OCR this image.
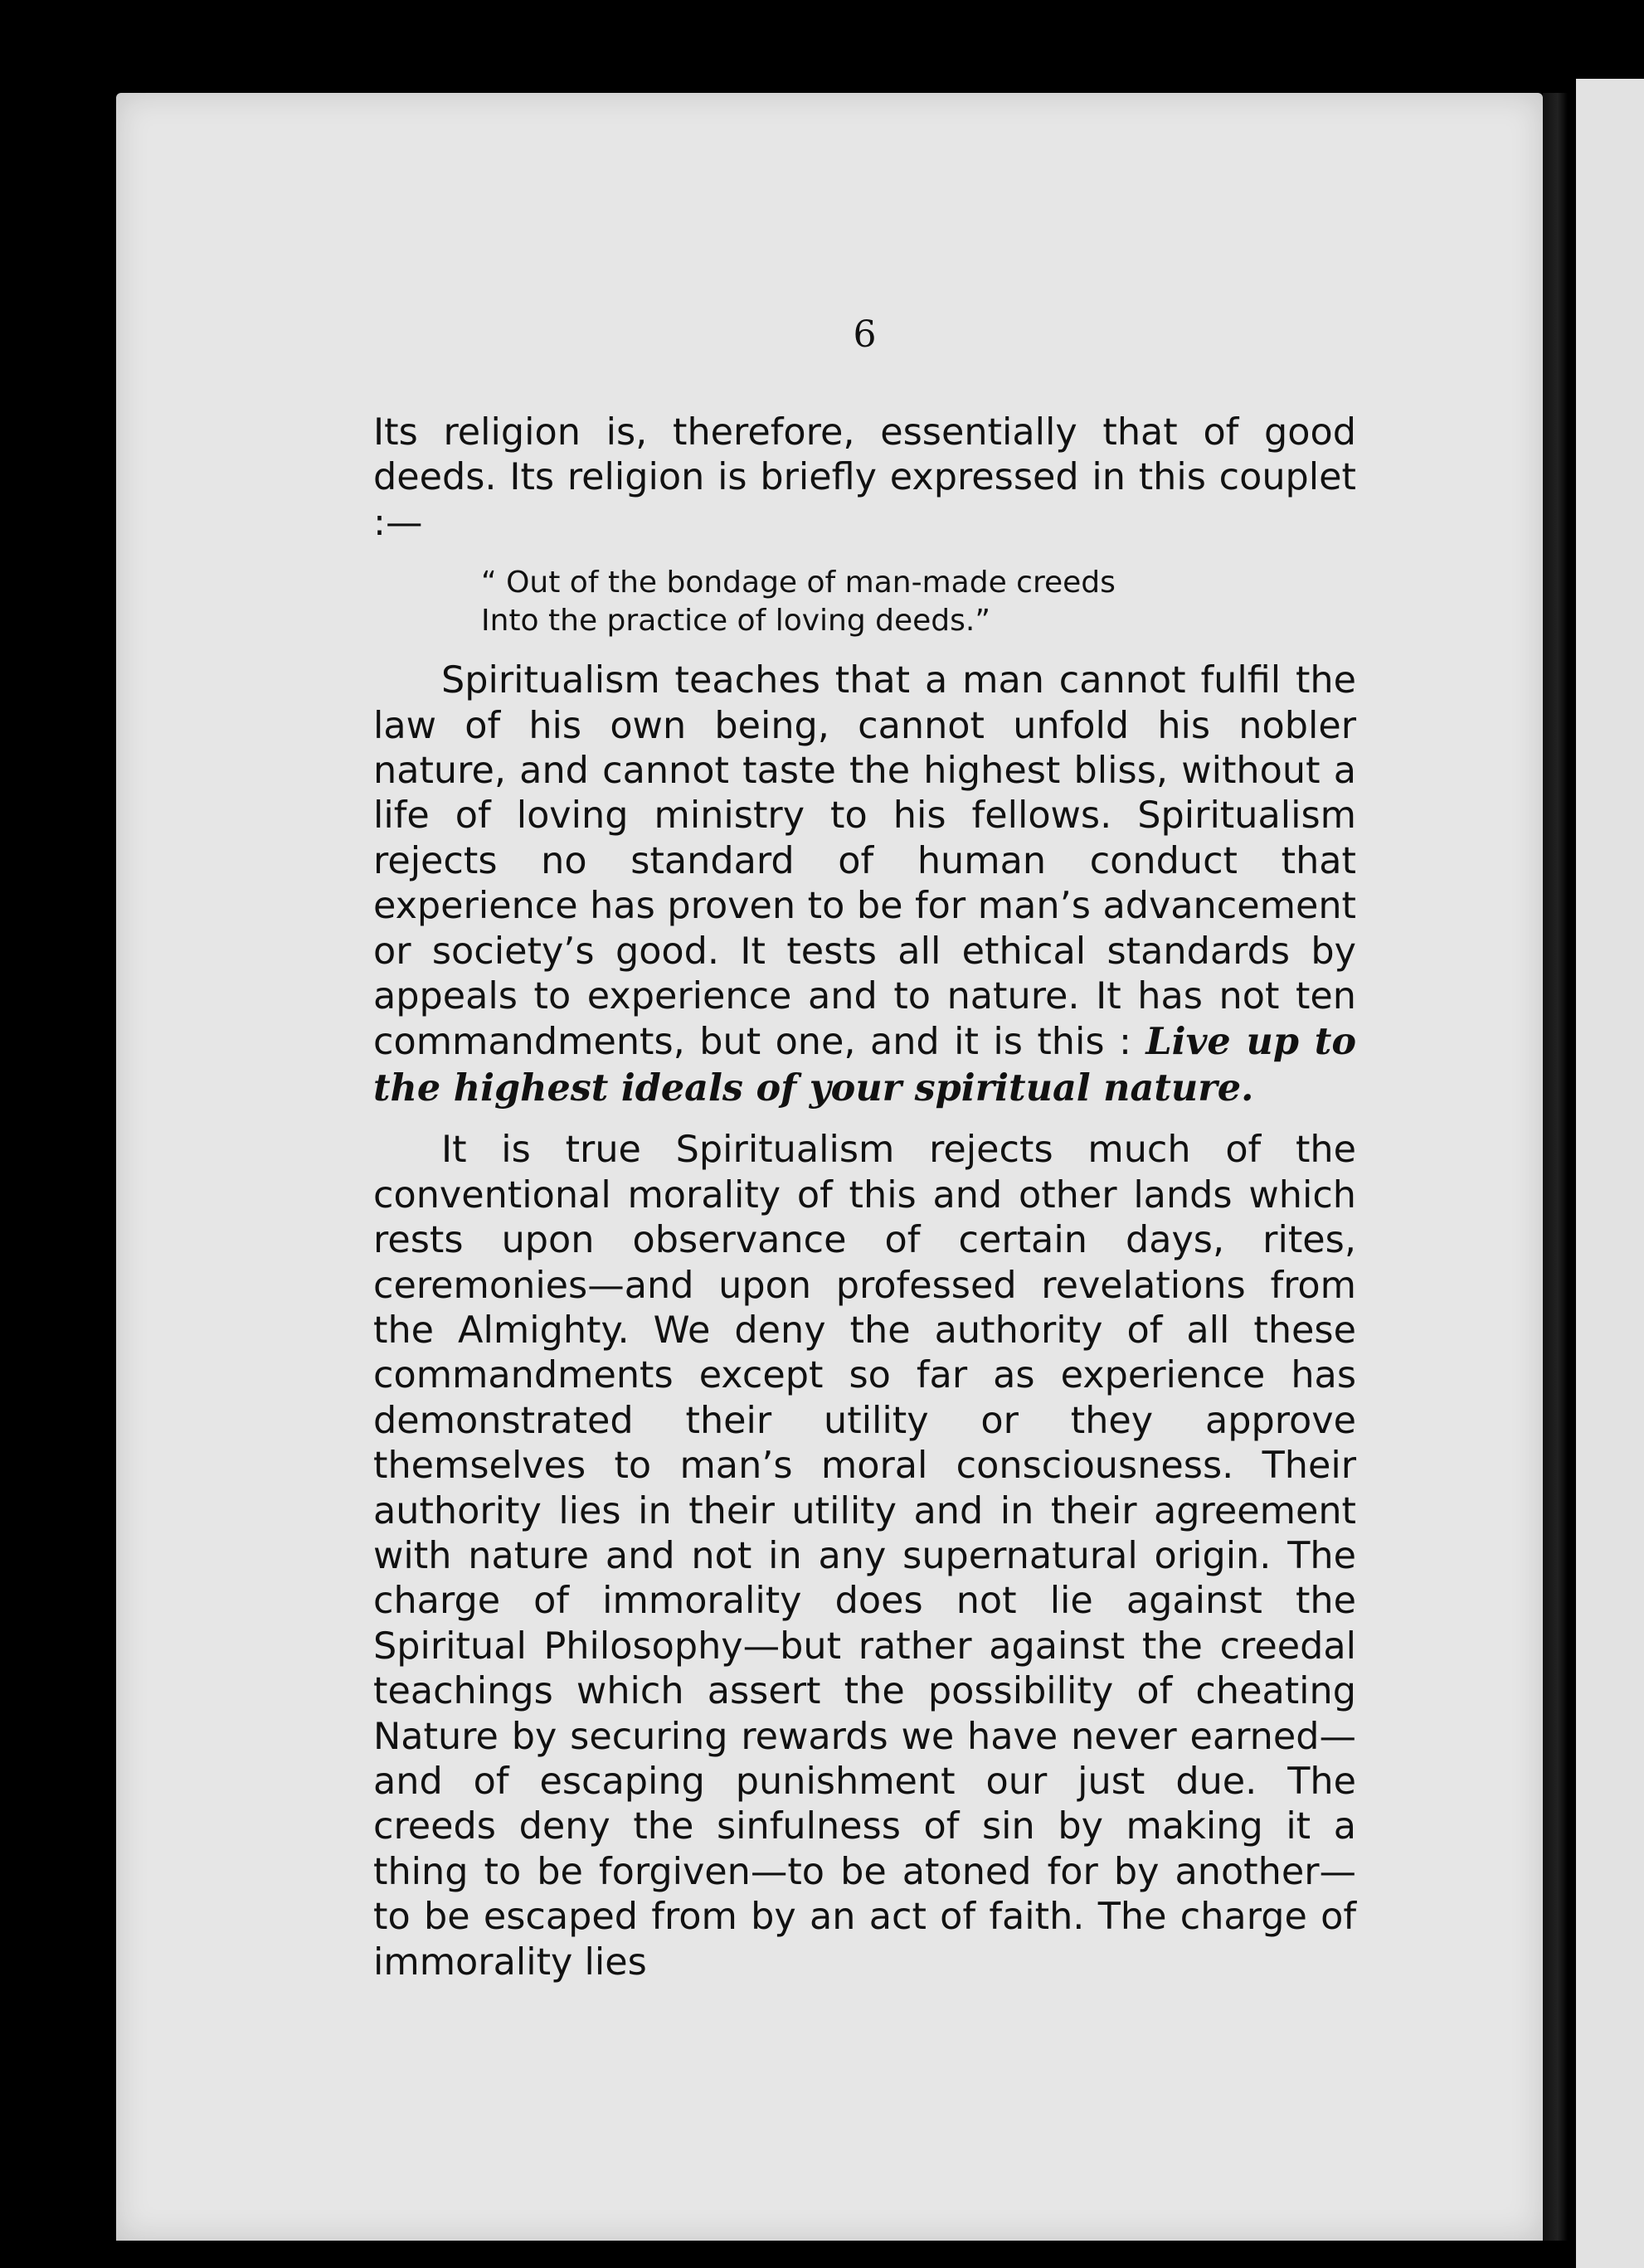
6

Its religion is, therefore, essentially that of good deeds. Its religion is briefly expressed in this couplet :—

“ Out of the bondage of man-made creeds
Into the practice of loving deeds.”

Spiritualism teaches that a man cannot fulfil the law of his own being, cannot unfold his nobler nature, and cannot taste the highest bliss, without a life of loving ministry to his fellows. Spiritualism rejects no standard of human conduct that experience has proven to be for man’s advancement or society’s good. It tests all ethical standards by appeals to experience and to nature. It has not ten commandments, but one, and it is this : Live up to the highest ideals of your spiritual nature.

It is true Spiritualism rejects much of the conventional morality of this and other lands which rests upon observance of certain days, rites, ceremonies—and upon professed revelations from the Almighty. We deny the authority of all these commandments except so far as experience has demonstrated their utility or they approve themselves to man’s moral consciousness. Their authority lies in their utility and in their agreement with nature and not in any supernatural origin. The charge of immorality does not lie against the Spiritual Philosophy—but rather against the creedal teachings which assert the possibility of cheating Nature by securing rewards we have never earned—and of escaping punishment our just due. The creeds deny the sinfulness of sin by making it a thing to be forgiven—to be atoned for by another—to be escaped from by an act of faith. The charge of immorality lies
